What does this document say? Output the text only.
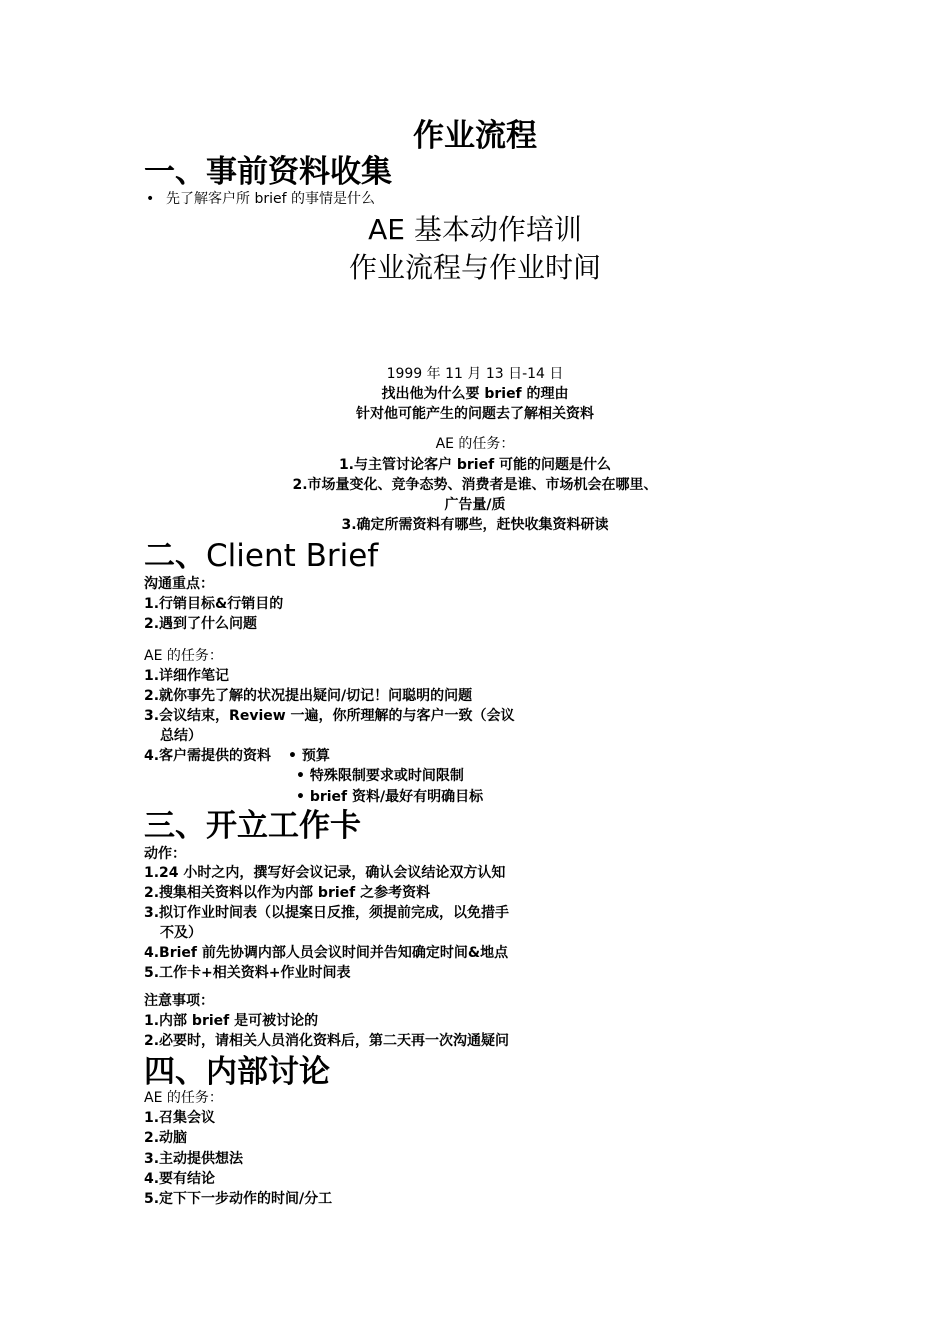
作业流程
一、事前资料收集
• 先了解客户所 brief 的事情是什么
AE 基本动作培训
作业流程与作业时间
1999 年 11 月 13 日-14 日
找出他为什么要 brief 的理由
针对他可能产生的问题去了解相关资料
AE 的任务：
1.与主管讨论客户 brief 可能的问题是什么
2.市场量变化、竞争态势、消费者是谁、市场机会在哪里、
广告量/质
3.确定所需资料有哪些，赶快收集资料研读
二、Client Brief
沟通重点：
1.行销目标&行销目的
2.遇到了什么问题
AE 的任务：
1.详细作笔记
2.就你事先了解的状况提出疑问/切记！问聪明的问题
3.会议结束，Review 一遍，你所理解的与客户一致（会议
总结）
4.客户需提供的资料 • 预算
• 特殊限制要求或时间限制
• brief 资料/最好有明确目标
三、开立工作卡
动作：
1.24 小时之内，撰写好会议记录，确认会议结论双方认知
2.搜集相关资料以作为内部 brief 之参考资料
3.拟订作业时间表（以提案日反推，须提前完成，以免措手
不及）
4.Brief 前先协调内部人员会议时间并告知确定时间&地点
5.工作卡+相关资料+作业时间表
注意事项：
1.内部 brief 是可被讨论的
2.必要时，请相关人员消化资料后，第二天再一次沟通疑问
四、内部讨论
AE 的任务：
1.召集会议
2.动脑
3.主动提供想法
4.要有结论
5.定下下一步动作的时间/分工
